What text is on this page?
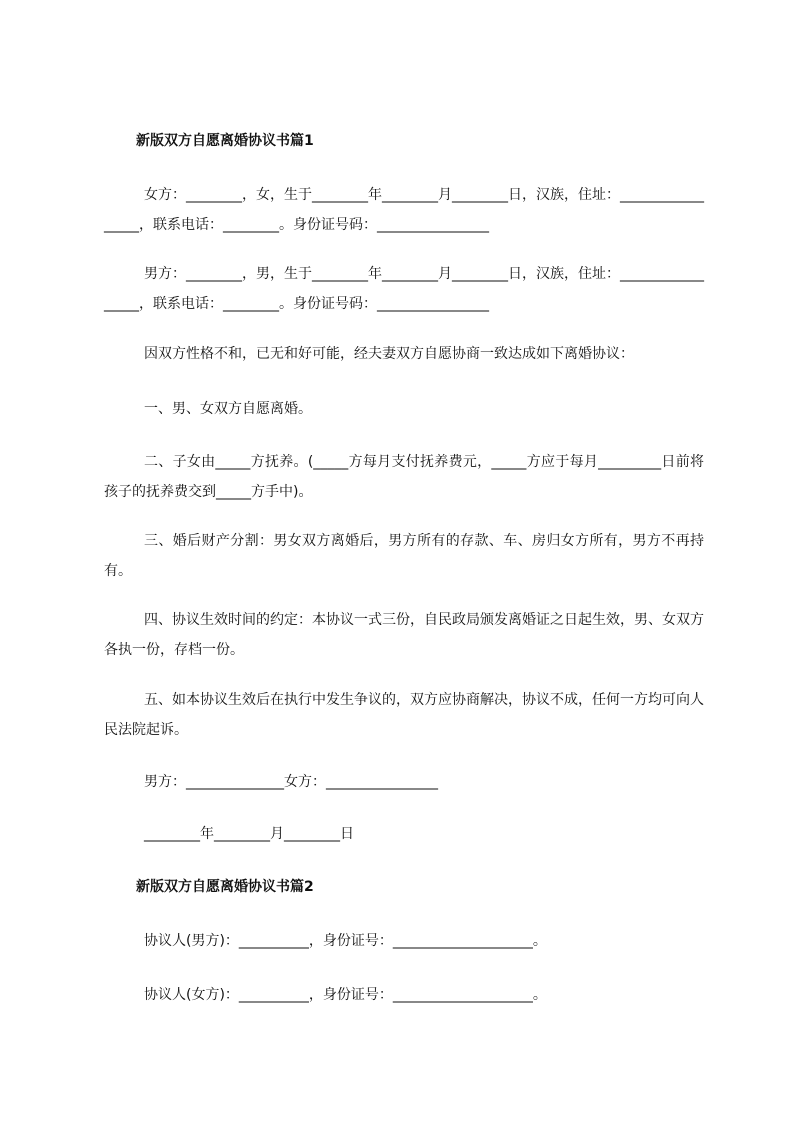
新版双方自愿离婚协议书篇1
女方：________，女，生于________年________月________日，汉族，住址：_________________，联系电话：________。身份证号码：________________
男方：________，男，生于________年________月________日，汉族，住址：_________________，联系电话：________。身份证号码：________________
因双方性格不和，已无和好可能，经夫妻双方自愿协商一致达成如下离婚协议：
一、男、女双方自愿离婚。
二、子女由_____方抚养。(_____方每月支付抚养费元，_____方应于每月_________日前将孩子的抚养费交到_____方手中)。
三、婚后财产分割：男女双方离婚后，男方所有的存款、车、房归女方所有，男方不再持有。
四、协议生效时间的约定：本协议一式三份，自民政局颁发离婚证之日起生效，男、女双方各执一份，存档一份。
五、如本协议生效后在执行中发生争议的，双方应协商解决，协议不成，任何一方均可向人民法院起诉。
男方：______________女方：________________
________年________月________日
新版双方自愿离婚协议书篇2
协议人(男方)：__________，身份证号：____________________。
协议人(女方)：__________，身份证号：____________________。
